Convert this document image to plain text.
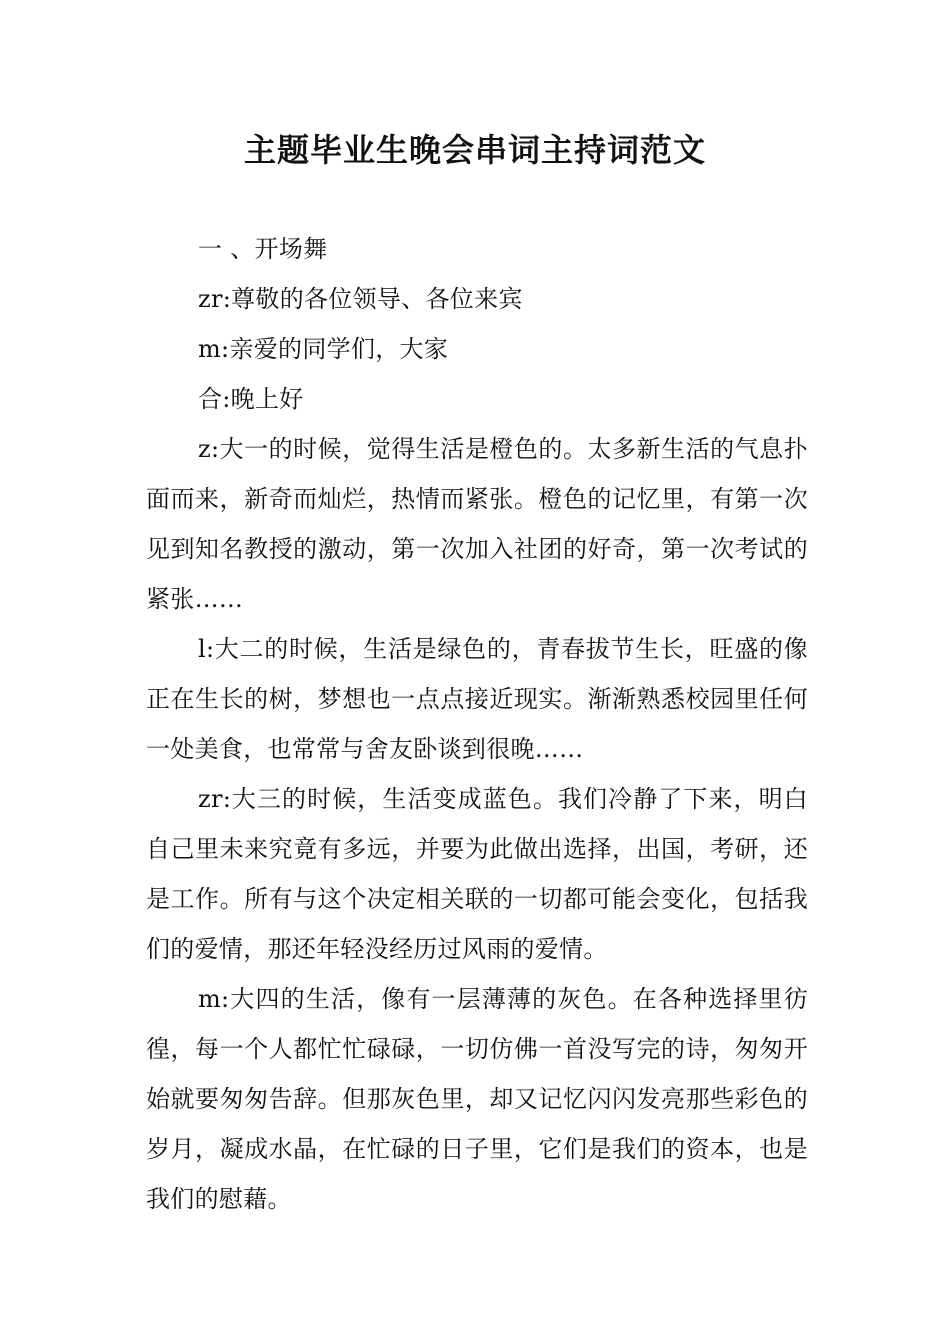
主题毕业生晚会串词主持词范文

一 、开场舞

zr:尊敬的各位领导、各位来宾

m:亲爱的同学们，大家

合:晚上好

z:大一的时候，觉得生活是橙色的。太多新生活的气息扑面而来，新奇而灿烂，热情而紧张。橙色的记忆里，有第一次见到知名教授的激动，第一次加入社团的好奇，第一次考试的紧张……

l:大二的时候，生活是绿色的，青春拔节生长，旺盛的像正在生长的树，梦想也一点点接近现实。渐渐熟悉校园里任何一处美食，也常常与舍友卧谈到很晚……

zr:大三的时候，生活变成蓝色。我们冷静了下来，明白自己里未来究竟有多远，并要为此做出选择，出国，考研，还是工作。所有与这个决定相关联的一切都可能会变化，包括我们的爱情，那还年轻没经历过风雨的爱情。

m:大四的生活，像有一层薄薄的灰色。在各种选择里彷徨，每一个人都忙忙碌碌，一切仿佛一首没写完的诗，匆匆开始就要匆匆告辞。但那灰色里，却又记忆闪闪发亮那些彩色的岁月，凝成水晶，在忙碌的日子里，它们是我们的资本，也是我们的慰藉。
